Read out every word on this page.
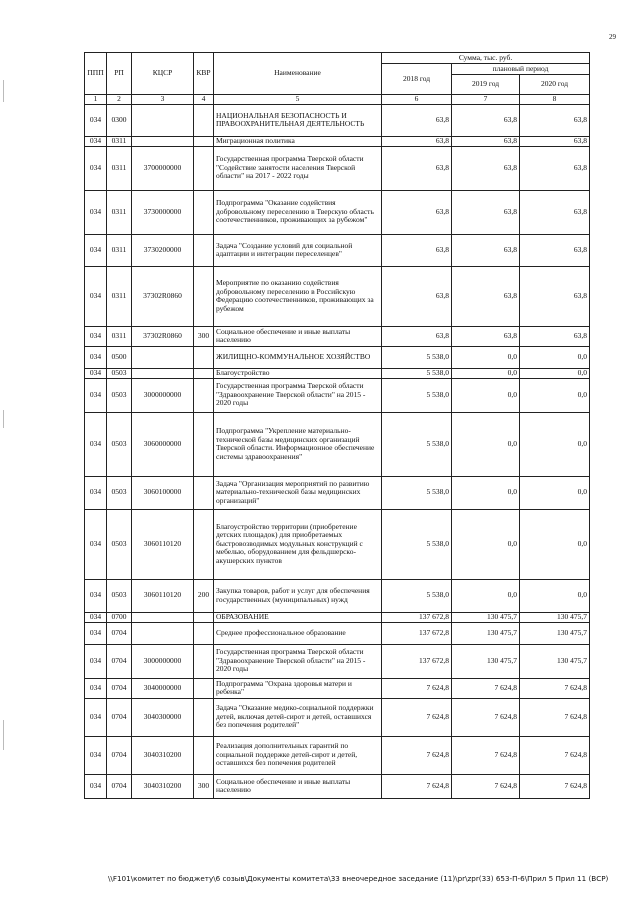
29
ППП	РП	КЦСР	КВР	Наименование	Сумма, тыс. руб.		
					2018 год	плановый период	
						2019 год	2020 год
1	2	3	4	5	6	7	8
034	0300			НАЦИОНАЛЬНАЯ БЕЗОПАСНОСТЬ И ПРАВООХРАНИТЕЛЬНАЯ ДЕЯТЕЛЬНОСТЬ	63,8	63,8	63,8
034	0311			Миграционная политика	63,8	63,8	63,8
034	0311	3700000000		Государственная программа Тверской области "Содействие занятости населения Тверской области" на 2017 - 2022 годы	63,8	63,8	63,8
034	0311	3730000000		Подпрограмма "Оказание содействия добровольному переселению в Тверскую область соотечественников, проживающих за рубежом"	63,8	63,8	63,8
034	0311	3730200000		Задача "Создание условий для социальной адаптации и интеграции переселенцев"	63,8	63,8	63,8
034	0311	37302R0860		Мероприятие по оказанию содействия добровольному переселению в Российскую Федерацию соотечественников, проживающих за рубежом	63,8	63,8	63,8
034	0311	37302R0860	300	Социальное обеспечение и иные выплаты населению	63,8	63,8	63,8
034	0500			ЖИЛИЩНО-КОММУНАЛЬНОЕ ХОЗЯЙСТВО	5 538,0	0,0	0,0
034	0503			Благоустройство	5 538,0	0,0	0,0
034	0503	3000000000		Государственная программа Тверской области "Здравоохранение Тверской области" на 2015 - 2020 годы	5 538,0	0,0	0,0
034	0503	3060000000		Подпрограмма "Укрепление материально-технической базы медицинских организаций Тверской области. Информационное обеспечение системы здравоохранения"	5 538,0	0,0	0,0
034	0503	3060100000		Задача "Организация мероприятий по развитию материально-технической базы медицинских организаций"	5 538,0	0,0	0,0
034	0503	3060110120		Благоустройство территории (приобретение детских площадок) для приобретаемых быстровозводимых модульных конструкций с мебелью, оборудованием для фельдшерско-акушерских пунктов	5 538,0	0,0	0,0
034	0503	3060110120	200	Закупка товаров, работ и услуг для обеспечения государственных (муниципальных) нужд	5 538,0	0,0	0,0
034	0700			ОБРАЗОВАНИЕ	137 672,8	130 475,7	130 475,7
034	0704			Среднее профессиональное образование	137 672,8	130 475,7	130 475,7
034	0704	3000000000		Государственная программа Тверской области "Здравоохранение Тверской области" на 2015 - 2020 годы	137 672,8	130 475,7	130 475,7
034	0704	3040000000		Подпрограмма "Охрана здоровья матери и ребенка"	7 624,8	7 624,8	7 624,8
034	0704	3040300000		Задача "Оказание медико-социальной поддержки детей, включая детей-сирот и детей, оставшихся без попечения родителей"	7 624,8	7 624,8	7 624,8
034	0704	3040310200		Реализация дополнительных гарантий по социальной поддержке детей-сирот и детей, оставшихся без попечения родителей	7 624,8	7 624,8	7 624,8
034	0704	3040310200	300	Социальное обеспечение и иные выплаты населению	7 624,8	7 624,8	7 624,8
\\F101\комитет по бюджету\6 созыв\Документы комитета\33 внеочередное заседание (11)\pr\zpr(33) 653-П-6\Прил 5 Прил 11 (ВСР)
